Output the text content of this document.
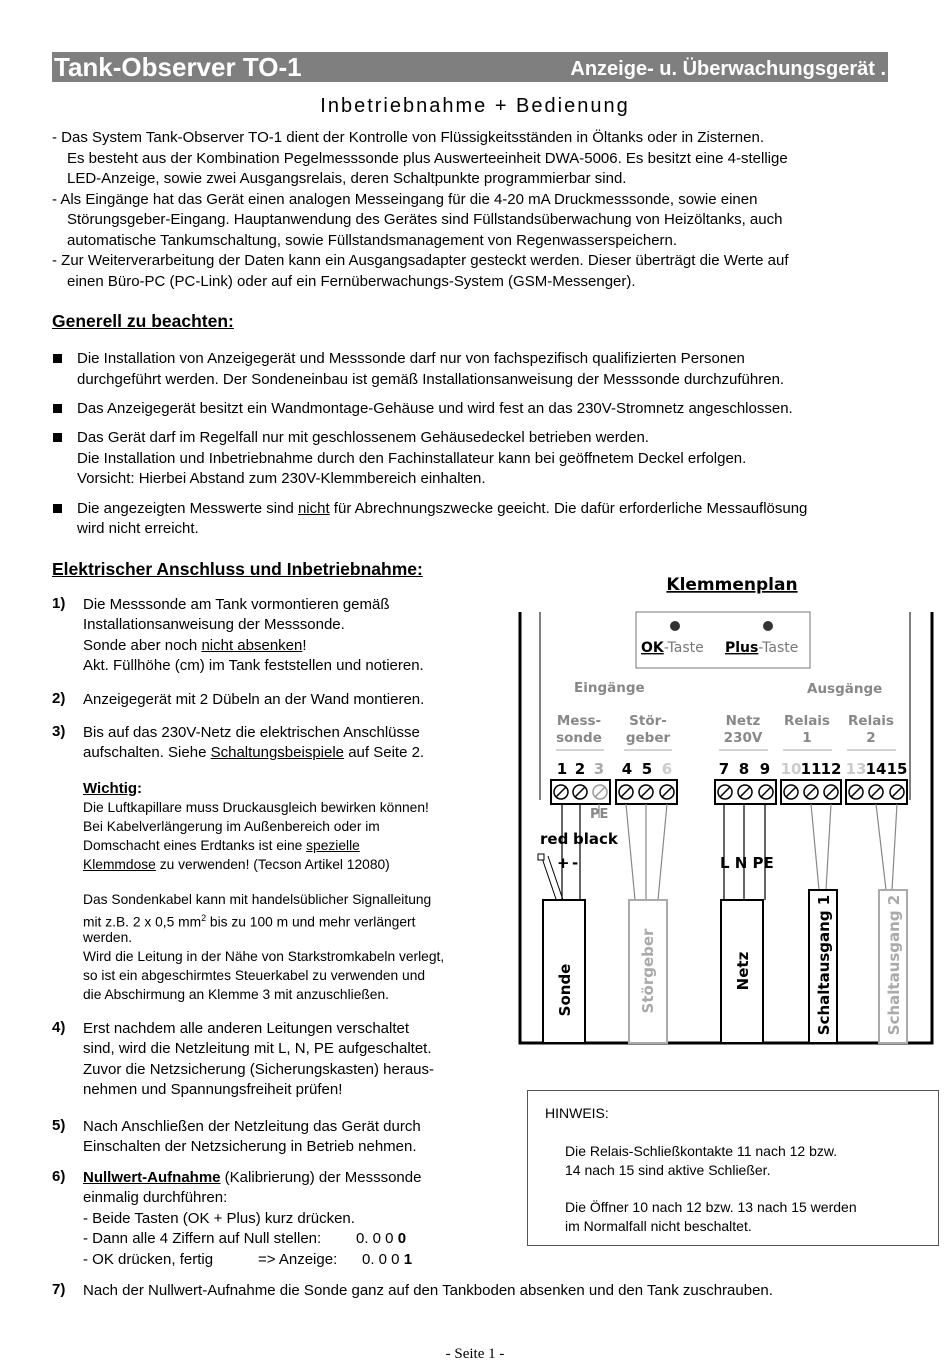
Tank-Observer TO-1	Anzeige- u. Überwachungsgerät .
Inbetriebnahme + Bedienung
- Das System Tank-Observer TO-1 dient der Kontrolle von Flüssigkeitsständen in Öltanks oder in Zisternen.
Es besteht aus der Kombination Pegelmesssonde plus Auswerteeinheit DWA-5006. Es besitzt eine 4-stellige
LED-Anzeige, sowie zwei Ausgangsrelais, deren Schaltpunkte programmierbar sind.
- Als Eingänge hat das Gerät einen analogen Messeingang für die 4-20 mA Druckmesssonde, sowie einen
Störungsgeber-Eingang. Hauptanwendung des Gerätes sind Füllstandsüberwachung von Heizöltanks, auch
automatische Tankumschaltung, sowie Füllstandsmanagement von Regenwasserspeichern.
- Zur Weiterverarbeitung der Daten kann ein Ausgangsadapter gesteckt werden. Dieser überträgt die Werte auf
einen Büro-PC (PC-Link) oder auf ein Fernüberwachungs-System (GSM-Messenger).
Generell zu beachten:
Die Installation von Anzeigegerät und Messsonde darf nur von fachspezifisch qualifizierten Personen
durchgeführt werden. Der Sondeneinbau ist gemäß Installationsanweisung der Messsonde durchzuführen.
Das Anzeigegerät besitzt ein Wandmontage-Gehäuse und wird fest an das 230V-Stromnetz angeschlossen.
Das Gerät darf im Regelfall nur mit geschlossenem Gehäusedeckel betrieben werden.
Die Installation und Inbetriebnahme durch den Fachinstallateur kann bei geöffnetem Deckel erfolgen.
Vorsicht: Hierbei Abstand zum 230V-Klemmbereich einhalten.
Die angezeigten Messwerte sind nicht für Abrechnungszwecke geeicht. Die dafür erforderliche Messauflösung
wird nicht erreicht.
Elektrischer Anschluss und Inbetriebnahme:
1) Die Messsonde am Tank vormontieren gemäß
Installationsanweisung der Messsonde.
Sonde aber noch nicht absenken!
Akt. Füllhöhe (cm) im Tank feststellen und notieren.
2) Anzeigegerät mit 2 Dübeln an der Wand montieren.
3) Bis auf das 230V-Netz die elektrischen Anschlüsse
aufschalten. Siehe Schaltungsbeispiele auf Seite 2.
Wichtig:
Die Luftkapillare muss Druckausgleich bewirken können!
Bei Kabelverlängerung im Außenbereich oder im
Domschacht eines Erdtanks ist eine spezielle
Klemmdose zu verwenden! (Tecson Artikel 12080)
Das Sondenkabel kann mit handelsüblicher Signalleitung
mit z.B. 2 x 0,5 $mm^2$ bis zu 100 m und mehr verlängert
werden.
Wird die Leitung in der Nähe von Starkstromkabeln verlegt,
so ist ein abgeschirmtes Steuerkabel zu verwenden und
die Abschirmung an Klemme 3 mit anzuschließen.
4) Erst nachdem alle anderen Leitungen verschaltet
sind, wird die Netzleitung mit L, N, PE aufgeschaltet.
Zuvor die Netzsicherung (Sicherungskasten) heraus-
nehmen und Spannungsfreiheit prüfen!
5) Nach Anschließen der Netzleitung das Gerät durch
Einschalten der Netzsicherung in Betrieb nehmen.
6) Nullwert-Aufnahme (Kalibrierung) der Messsonde
einmalig durchführen:
- Beide Tasten (OK + Plus) kurz drücken.
- Dann alle 4 Ziffern auf Null stellen: 0. 0 0 0
- OK drücken, fertig	=> Anzeige: 0. 0 0 1
7) Nach der Nullwert-Aufnahme die Sonde ganz auf den Tankboden absenken und den Tank zuschrauben.
HINWEIS:
Die Relais-Schließkontakte 11 nach 12 bzw.
14 nach 15 sind aktive Schließer.
Die Öffner 10 nach 12 bzw. 13 nach 15 werden
im Normalfall nicht beschaltet.
Klemmenplan
OK-Taste Plus-Taste
Eingänge	Ausgänge
Mess-
sonde
Stör-
geber
Netz
230V
Relais
1
Relais
2
1 2 3 4 5 6	7 8 9 10 11 12 13 14 15
PE
red black
+ -	L N PE
Sonde	Störgeber	Netz	Schaltausgang 1	Schaltausgang 2
- Seite 1 -
